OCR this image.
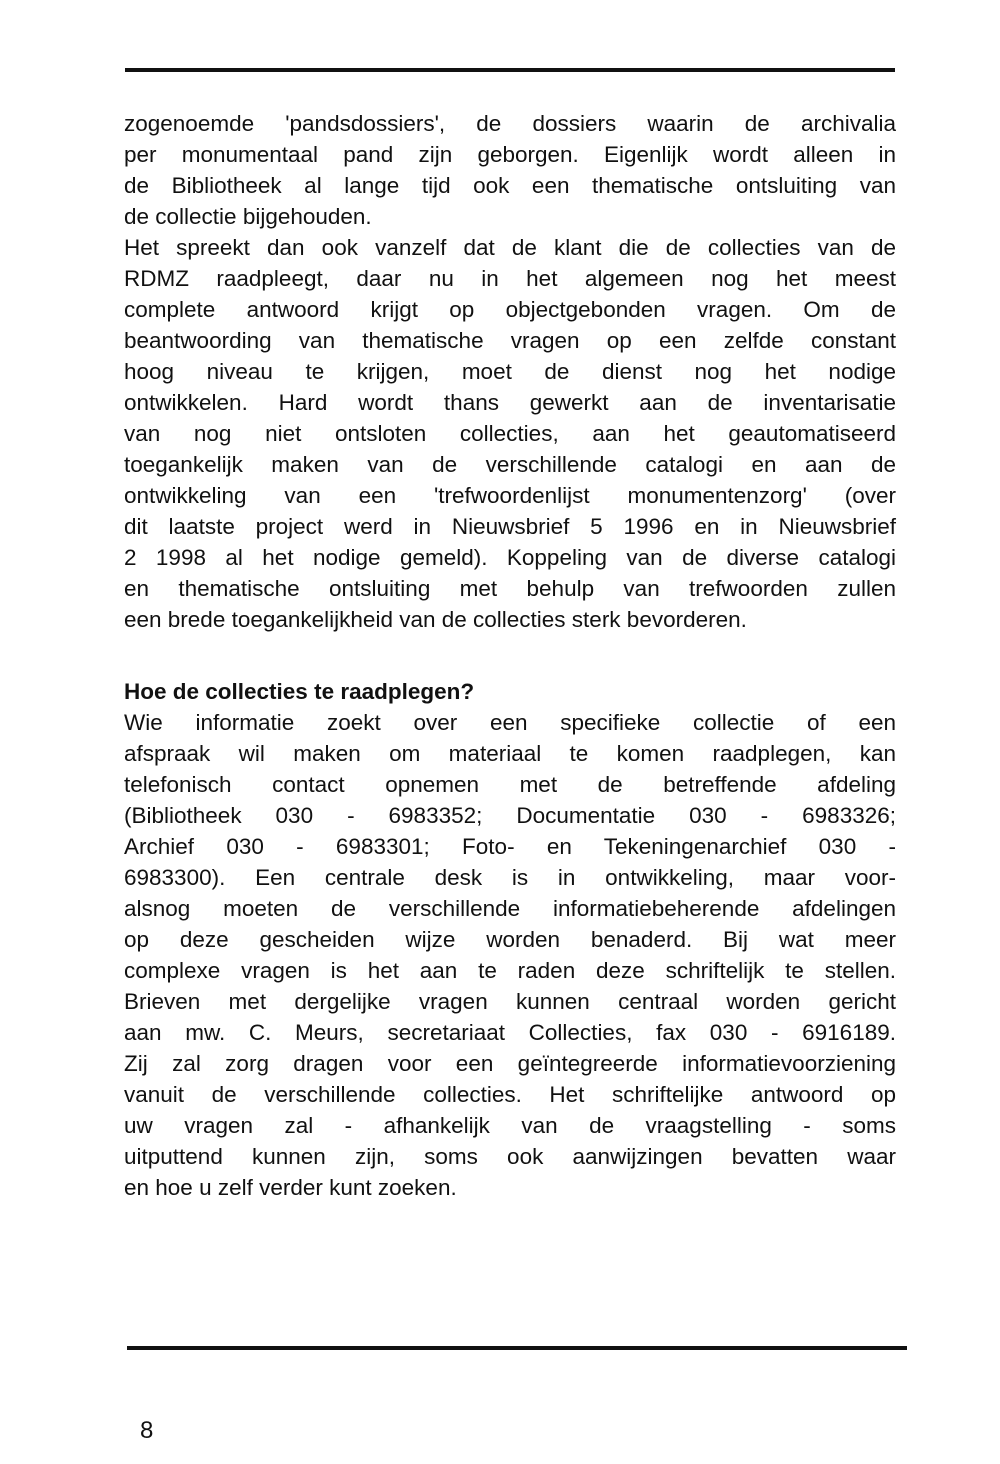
zogenoemde 'pandsdossiers', de dossiers waarin de archivalia
per monumentaal pand zijn geborgen. Eigenlijk wordt alleen in
de Bibliotheek al lange tijd ook een thematische ontsluiting van
de collectie bijgehouden.
Het spreekt dan ook vanzelf dat de klant die de collecties van de
RDMZ raadpleegt, daar nu in het algemeen nog het meest
complete antwoord krijgt op objectgebonden vragen. Om de
beantwoording van thematische vragen op een zelfde constant
hoog niveau te krijgen, moet de dienst nog het nodige
ontwikkelen. Hard wordt thans gewerkt aan de inventarisatie
van nog niet ontsloten collecties, aan het geautomatiseerd
toegankelijk maken van de verschillende catalogi en aan de
ontwikkeling van een 'trefwoordenlijst monumentenzorg' (over
dit laatste project werd in Nieuwsbrief 5 1996 en in Nieuwsbrief
2 1998 al het nodige gemeld). Koppeling van de diverse catalogi
en thematische ontsluiting met behulp van trefwoorden zullen
een brede toegankelijkheid van de collecties sterk bevorderen.
Hoe de collecties te raadplegen?
Wie informatie zoekt over een specifieke collectie of een
afspraak wil maken om materiaal te komen raadplegen, kan
telefonisch contact opnemen met de betreffende afdeling
(Bibliotheek 030 - 6983352; Documentatie 030 - 6983326;
Archief 030 - 6983301; Foto- en Tekeningenarchief 030 -
6983300). Een centrale desk is in ontwikkeling, maar voor-
alsnog moeten de verschillende informatiebeherende afdelingen
op deze gescheiden wijze worden benaderd. Bij wat meer
complexe vragen is het aan te raden deze schriftelijk te stellen.
Brieven met dergelijke vragen kunnen centraal worden gericht
aan mw. C. Meurs, secretariaat Collecties, fax 030 - 6916189.
Zij zal zorg dragen voor een geïntegreerde informatievoorziening
vanuit de verschillende collecties. Het schriftelijke antwoord op
uw vragen zal - afhankelijk van de vraagstelling - soms
uitputtend kunnen zijn, soms ook aanwijzingen bevatten waar
en hoe u zelf verder kunt zoeken.
8
